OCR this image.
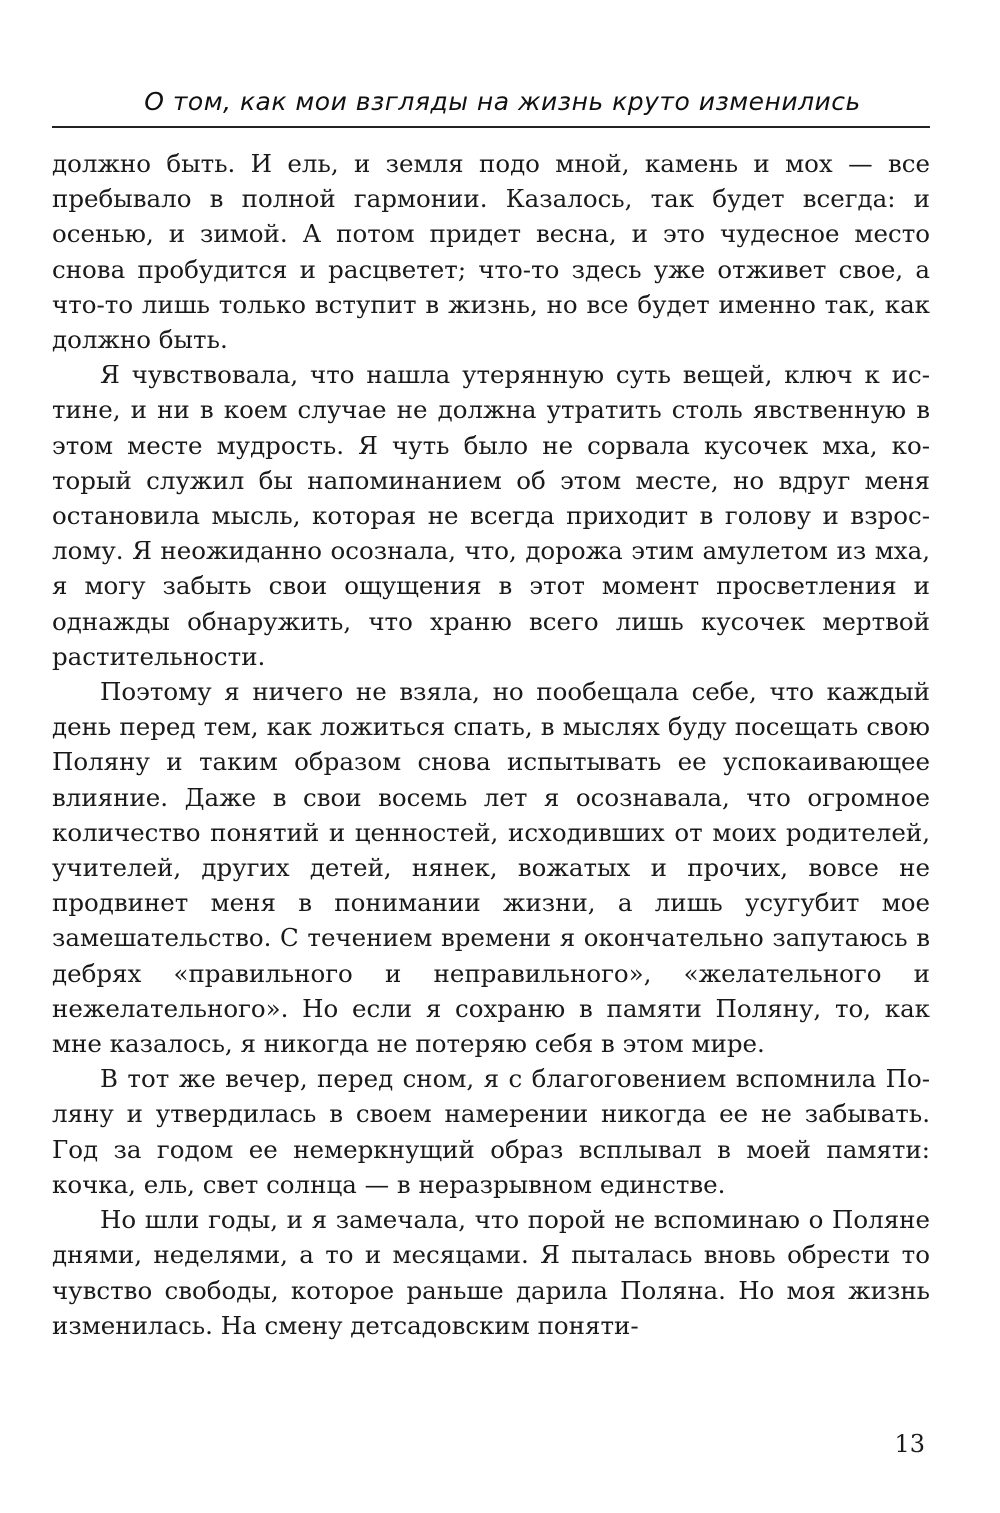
О том, как мои взгляды на жизнь круто изменились

должно быть. И ель, и земля подо мной, камень и мох — все пребывало в полной гармонии. Казалось, так будет всегда: и осенью, и зимой. А потом придет весна, и это чудесное место снова пробудится и расцветет; что-то здесь уже отживет свое, а что-то лишь только вступит в жизнь, но все будет именно так, как должно быть.

Я чувствовала, что нашла утерянную суть вещей, ключ к истине, и ни в коем случае не должна утратить столь явственную в этом месте мудрость. Я чуть было не сорвала кусочек мха, который служил бы напоминанием об этом месте, но вдруг меня остановила мысль, которая не всегда приходит в голову и взрослому. Я неожиданно осознала, что, дорожа этим амулетом из мха, я могу забыть свои ощущения в этот момент просветления и однажды обнаружить, что храню всего лишь кусочек мертвой растительности.

Поэтому я ничего не взяла, но пообещала себе, что каждый день перед тем, как ложиться спать, в мыслях буду посещать свою Поляну и таким образом снова испытывать ее успокаивающее влияние. Даже в свои восемь лет я осознавала, что огромное количество понятий и ценностей, исходивших от моих родителей, учителей, других детей, нянек, вожатых и прочих, вовсе не продвинет меня в понимании жизни, а лишь усугубит мое замешательство. С течением времени я окончательно запутаюсь в дебрях «правильного и неправильного», «желательного и нежелательного». Но если я сохраню в памяти Поляну, то, как мне казалось, я никогда не потеряю себя в этом мире.

В тот же вечер, перед сном, я с благоговением вспомнила Поляну и утвердилась в своем намерении никогда ее не забывать. Год за годом ее немеркнущий образ всплывал в моей памяти: кочка, ель, свет солнца — в неразрывном единстве.

Но шли годы, и я замечала, что порой не вспоминаю о Поляне днями, неделями, а то и месяцами. Я пыталась вновь обрести то чувство свободы, которое раньше дарила Поляна. Но моя жизнь изменилась. На смену детсадовским поняти-

13
